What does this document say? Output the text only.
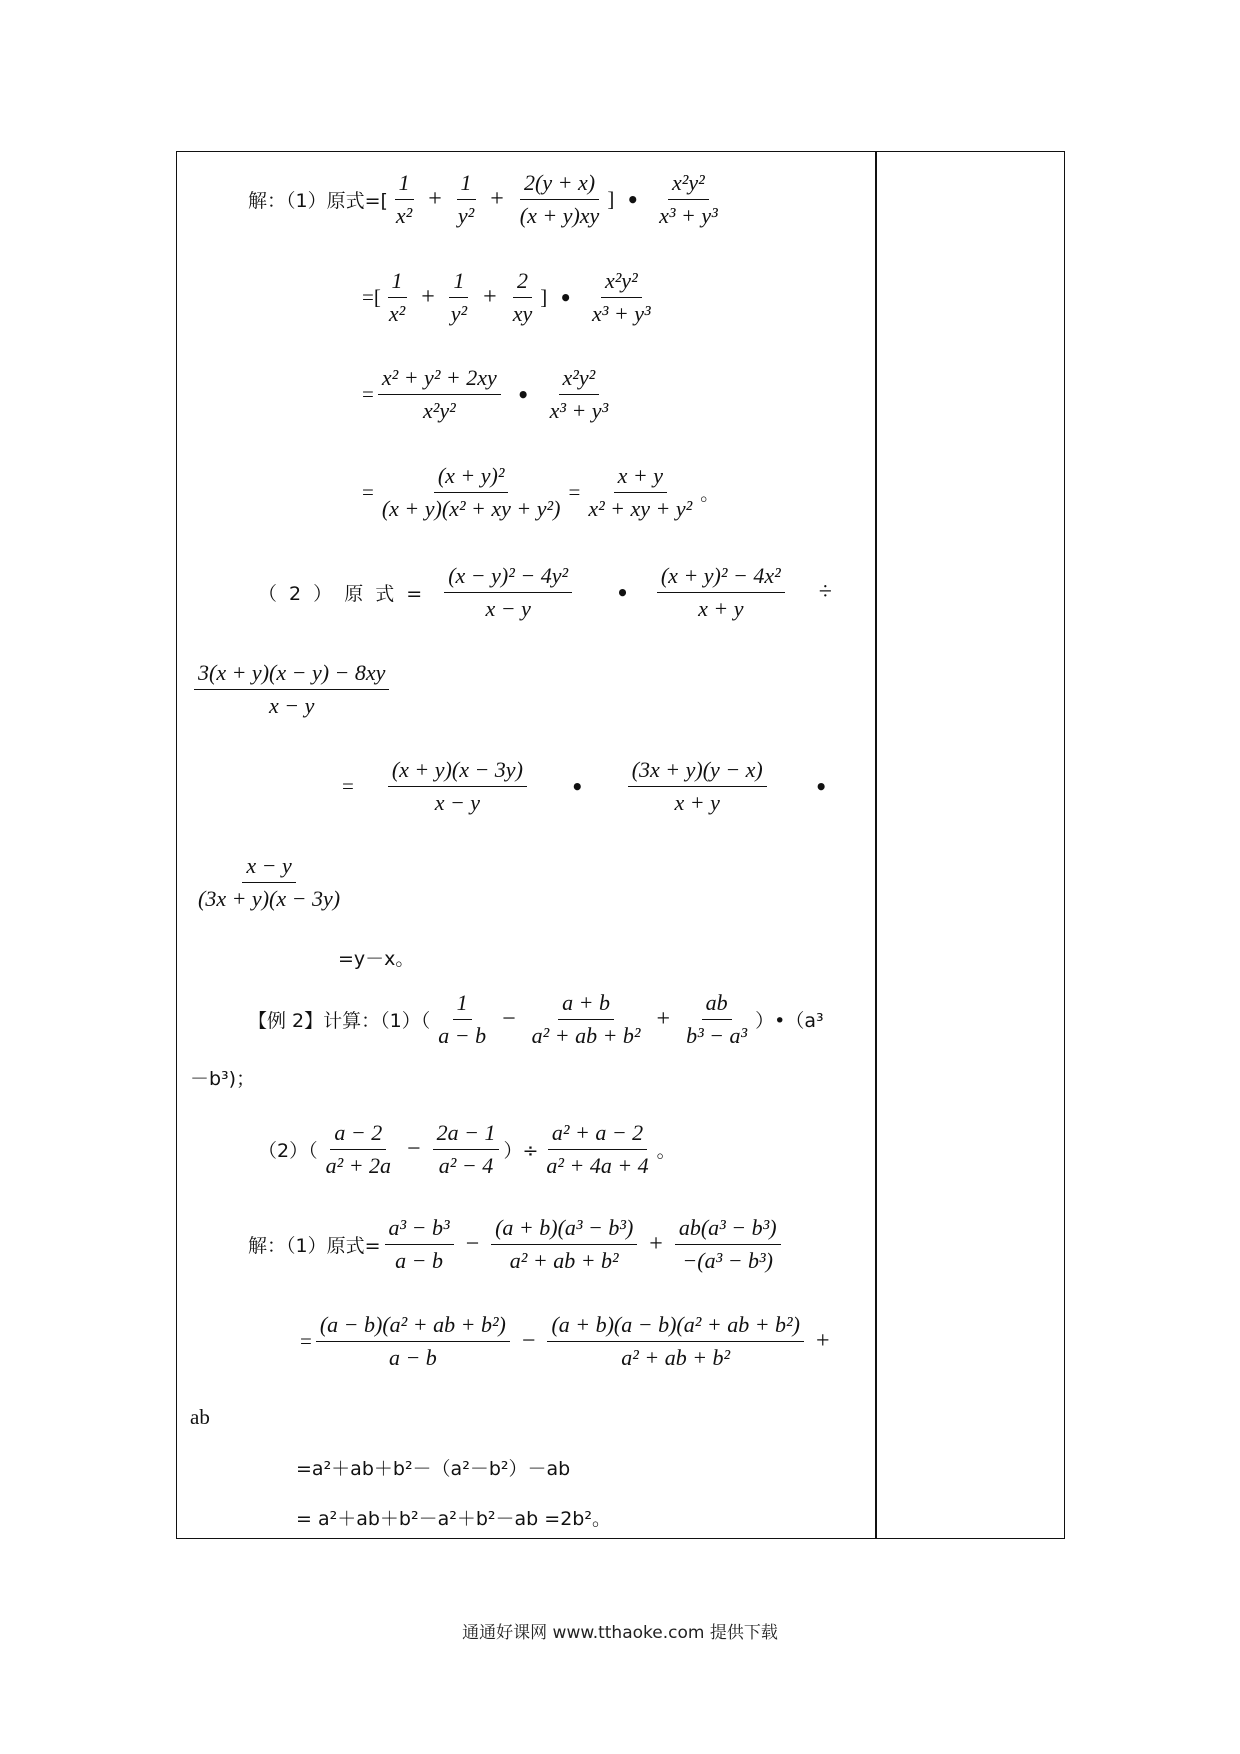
解：（1）原式=[ $\frac{1}{\text{x²}} + \frac{1}{\text{y²}} + \frac{2(y + x)}{(x + y)xy}$ ] • $\frac{\text{x²y²}}{\text{x³ + y³}}$
=[ $\frac{1}{\text{x²}} + \frac{1}{\text{y²}} + \frac{2}{xy}$ ] • $\frac{\text{x²y²}}{\text{x³ + y³}}$
= $\frac{\text{x² + y² + 2xy}}{\text{x²y²}}$ • $\frac{\text{x²y²}}{\text{x³ + y³}}$
= $\frac{\text{(x + y)²}}{\text{(x + y)(x² + xy + y²)}} = \frac{x + y}{\text{x² + xy + y²}}$ 。
（ 2 ） 原 式 = $\frac{\text{(x − y)² − 4y²}}{x - y}$ • $\frac{\text{(x + y)² − 4x²}}{x + y}$ ÷
$\frac{3(x + y)(x - y) - 8xy}{x - y}$
= $\frac{(x + y)(x - 3y)}{x - y}$ • $\frac{(3x + y)(y - x)}{x + y}$ •
$\frac{x - y}{(3x + y)(x - 3y)}$
=y－x。
【例 2】计算：$(1)( \frac{1}{a - b} - \frac{a + b}{\text{a² + ab + b²}} + \frac{ab}{\text{b³ − a³}}$ ）•（a³
－b³)；
$(2)( \frac{a - 2}{\text{a² + 2a}} - \frac{2a - 1}{\text{a² − 4}}$ ）÷ $\frac{\text{a² + a − 2}}{\text{a² + 4a + 4}}$ 。
解：（1）原式= $\frac{\text{a³ − b³}}{a - b} - \frac{\text{(a + b)(a³ − b³)}}{\text{a² + ab + b²}} + \frac{\text{ab(a³ − b³)}}{\text{−(a³ − b³)}}$
= $\frac{\text{(a − b)(a² + ab + b²)}}{a - b} - \frac{\text{(a + b)(a − b)(a² + ab + b²)}}{\text{a² + ab + b²}}$ +
ab
=a²＋ab＋b²－（a²－b²）－ab
= a²＋ab＋b²－a²＋b²－ab =2b²。
通通好课网 www.tthaoke.com 提供下载
